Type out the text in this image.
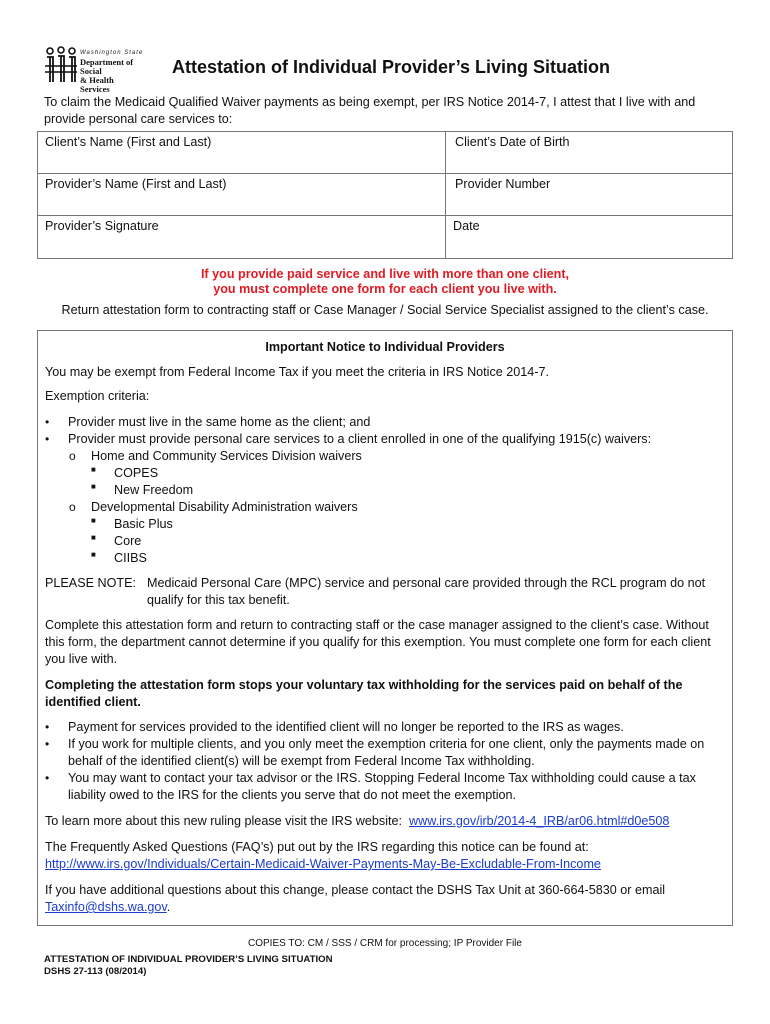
Washington State
Department of Social
& Health Services
Attestation of Individual Provider’s Living Situation
To claim the Medicaid Qualified Waiver payments as being exempt, per IRS Notice 2014-7, I attest that I live with and provide personal care services to:
Client’s Name (First and Last)	Client’s Date of Birth
Provider’s Name (First and Last)	Provider Number
Provider’s Signature	Date
If you provide paid service and live with more than one client,
you must complete one form for each client you live with.
Return attestation form to contracting staff or Case Manager / Social Service Specialist assigned to the client’s case.
Important Notice to Individual Providers
You may be exempt from Federal Income Tax if you meet the criteria in IRS Notice 2014-7.
Exemption criteria:
• Provider must live in the same home as the client; and
• Provider must provide personal care services to a client enrolled in one of the qualifying 1915(c) waivers:
o Home and Community Services Division waivers
■ COPES
■ New Freedom
o Developmental Disability Administration waivers
■ Basic Plus
■ Core
■ CIIBS
PLEASE NOTE: Medicaid Personal Care (MPC) service and personal care provided through the RCL program do not
qualify for this tax benefit.
Complete this attestation form and return to contracting staff or the case manager assigned to the client’s case. Without this form, the department cannot determine if you qualify for this exemption. You must complete one form for each client you live with.
Completing the attestation form stops your voluntary tax withholding for the services paid on behalf of the identified client.
• Payment for services provided to the identified client will no longer be reported to the IRS as wages.
• If you work for multiple clients, and you only meet the exemption criteria for one client, only the payments made on behalf of the identified client(s) will be exempt from Federal Income Tax withholding.
• You may want to contact your tax advisor or the IRS. Stopping Federal Income Tax withholding could cause a tax liability owed to the IRS for the clients you serve that do not meet the exemption.
To learn more about this new ruling please visit the IRS website: www.irs.gov/irb/2014-4_IRB/ar06.html#d0e508
The Frequently Asked Questions (FAQ’s) put out by the IRS regarding this notice can be found at:
http://www.irs.gov/Individuals/Certain-Medicaid-Waiver-Payments-May-Be-Excludable-From-Income
If you have additional questions about this change, please contact the DSHS Tax Unit at 360-664-5830 or email
Taxinfo@dshs.wa.gov.
COPIES TO: CM / SSS / CRM for processing; IP Provider File
ATTESTATION OF INDIVIDUAL PROVIDER’S LIVING SITUATION
DSHS 27-113 (08/2014)
